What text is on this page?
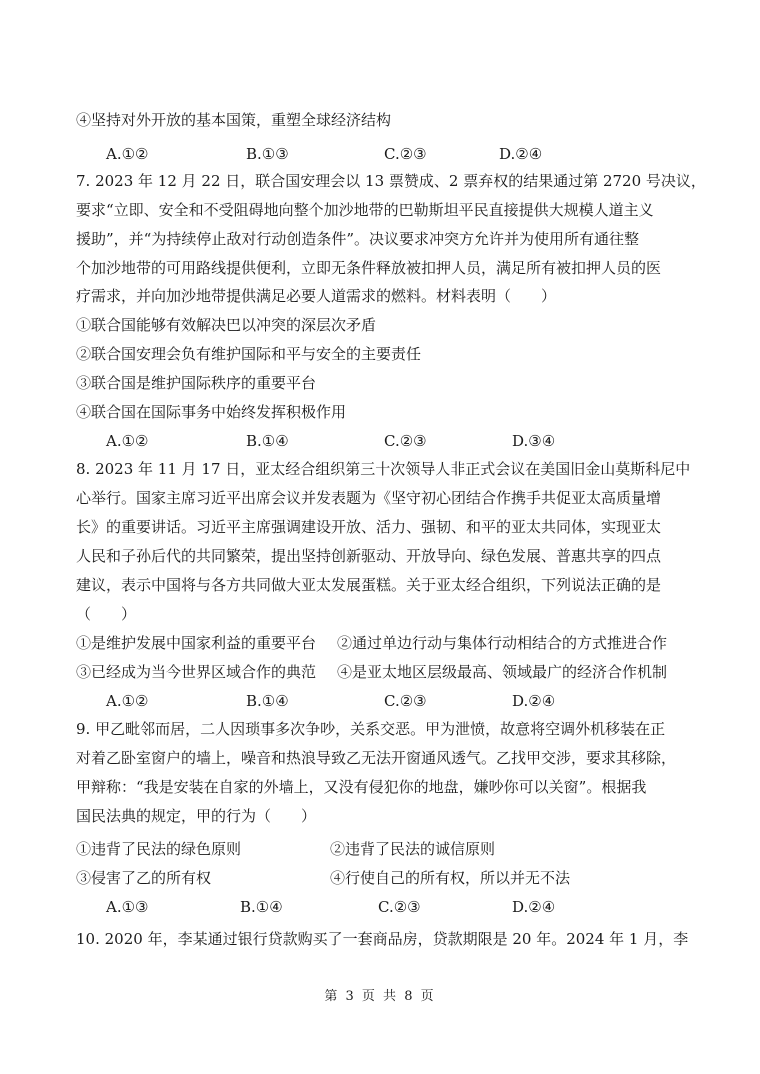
④坚持对外开放的基本国策，重塑全球经济结构
A.①②	B.①③	C.②③	D.②④
7. 2023 年 12 月 22 日，联合国安理会以 13 票赞成、2 票弃权的结果通过第 2720 号决议，
要求“立即、安全和不受阻碍地向整个加沙地带的巴勒斯坦平民直接提供大规模人道主义
援助”，并“为持续停止敌对行动创造条件”。决议要求冲突方允许并为使用所有通往整
个加沙地带的可用路线提供便利，立即无条件释放被扣押人员，满足所有被扣押人员的医
疗需求，并向加沙地带提供满足必要人道需求的燃料。材料表明（　　）
①联合国能够有效解决巴以冲突的深层次矛盾
②联合国安理会负有维护国际和平与安全的主要责任
③联合国是维护国际秩序的重要平台
④联合国在国际事务中始终发挥积极作用
A.①②	B.①④	C.②③	D.③④
8. 2023 年 11 月 17 日，亚太经合组织第三十次领导人非正式会议在美国旧金山莫斯科尼中
心举行。国家主席习近平出席会议并发表题为《坚守初心团结合作携手共促亚太高质量增
长》的重要讲话。习近平主席强调建设开放、活力、强韧、和平的亚太共同体，实现亚太
人民和子孙后代的共同繁荣，提出坚持创新驱动、开放导向、绿色发展、普惠共享的四点
建议，表示中国将与各方共同做大亚太发展蛋糕。关于亚太经合组织，下列说法正确的是
（　　）
①是维护发展中国家利益的重要平台 ②通过单边行动与集体行动相结合的方式推进合作
③已经成为当今世界区域合作的典范 ④是亚太地区层级最高、领域最广的经济合作机制
A.①②	B.①④	C.②③	D.②④
9. 甲乙毗邻而居，二人因琐事多次争吵，关系交恶。甲为泄愤，故意将空调外机移装在正
对着乙卧室窗户的墙上，噪音和热浪导致乙无法开窗通风透气。乙找甲交涉，要求其移除，
甲辩称：“我是安装在自家的外墙上，又没有侵犯你的地盘，嫌吵你可以关窗”。根据我
国民法典的规定，甲的行为（　　）
①违背了民法的绿色原则	②违背了民法的诚信原则
③侵害了乙的所有权	④行使自己的所有权，所以并无不法
A.①③	B.①④	C.②③	D.②④
10. 2020 年，李某通过银行贷款购买了一套商品房，贷款期限是 20 年。2024 年 1 月，李
第 3 页 共 8 页
